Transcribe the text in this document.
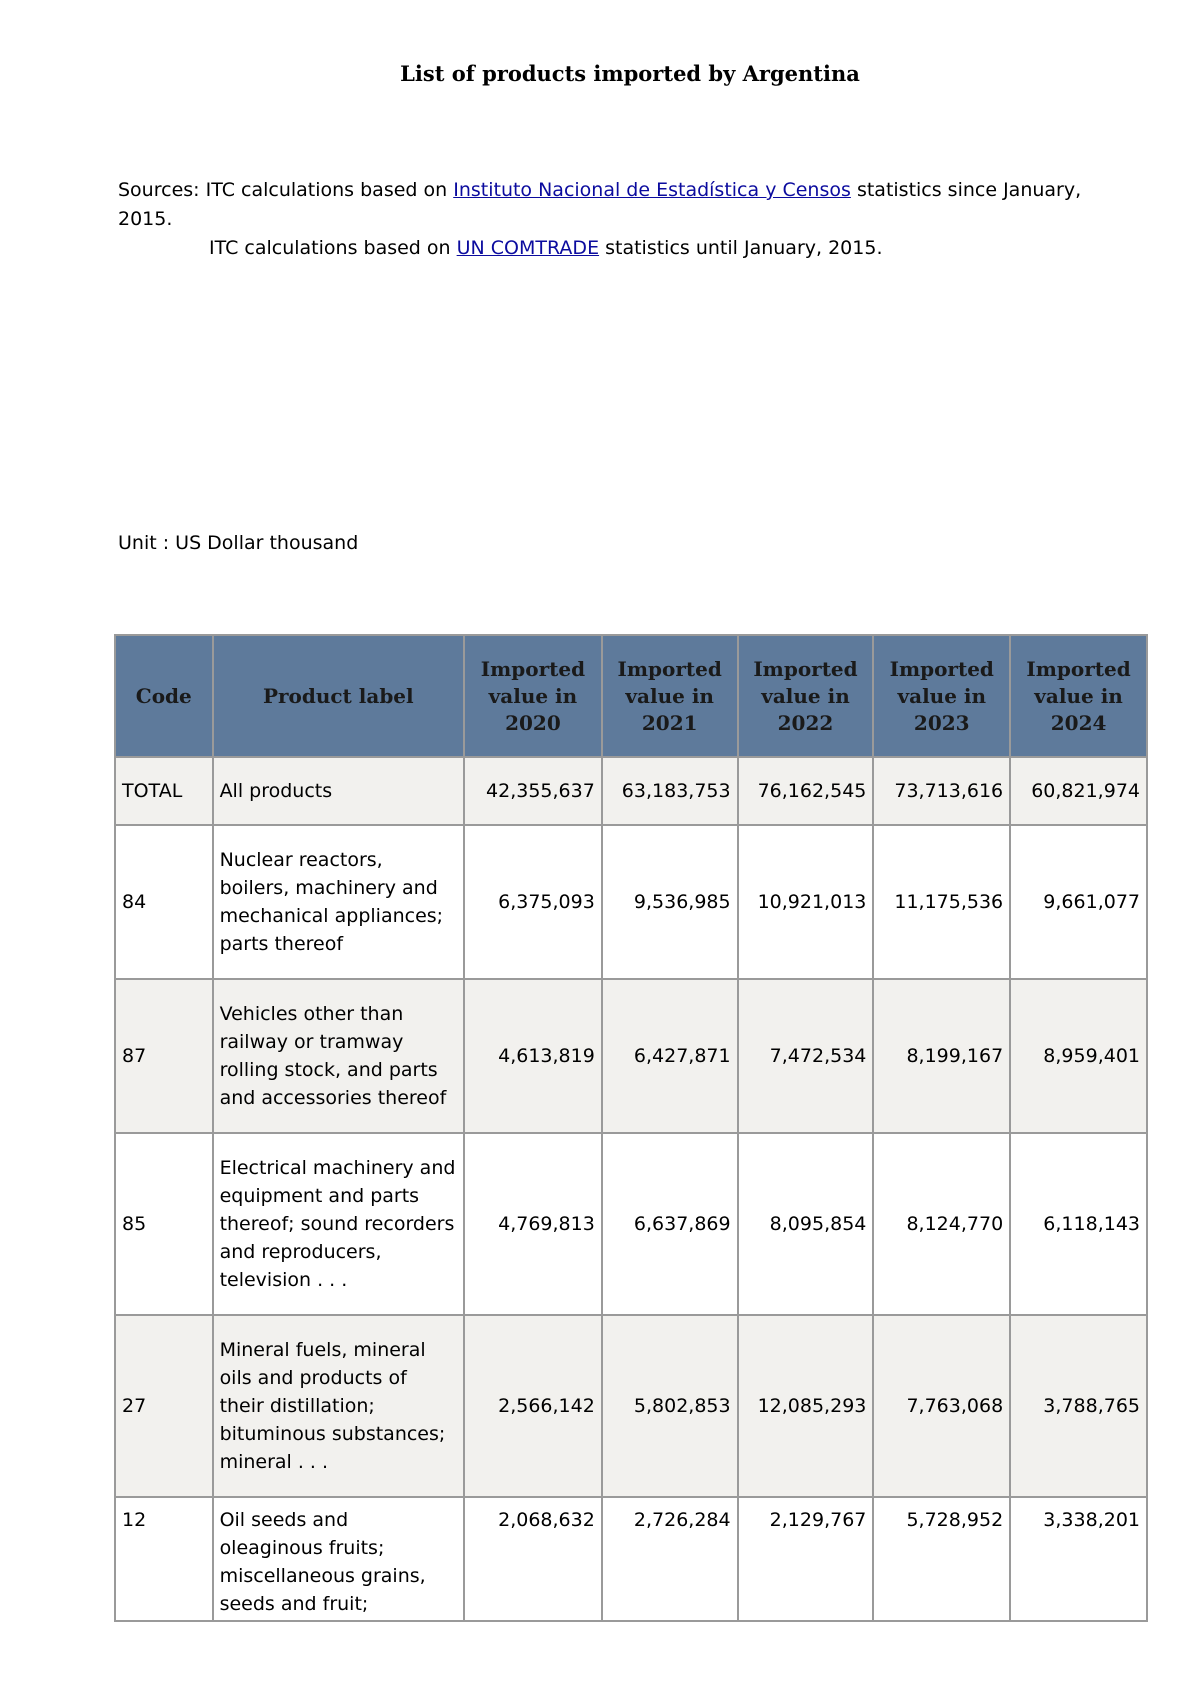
List of products imported by Argentina
Sources: ITC calculations based on Instituto Nacional de Estadística y Censos statistics since January, 2015.
ITC calculations based on UN COMTRADE statistics until January, 2015.
Unit : US Dollar thousand
Code	Product label	Imported value in 2020	Imported value in 2021	Imported value in 2022	Imported value in 2023	Imported value in 2024
TOTAL	All products	42,355,637	63,183,753	76,162,545	73,713,616	60,821,974
84	Nuclear reactors, boilers, machinery and mechanical appliances; parts thereof	6,375,093	9,536,985	10,921,013	11,175,536	9,661,077
87	Vehicles other than railway or tramway rolling stock, and parts and accessories thereof	4,613,819	6,427,871	7,472,534	8,199,167	8,959,401
85	Electrical machinery and equipment and parts thereof; sound recorders and reproducers, television . . .	4,769,813	6,637,869	8,095,854	8,124,770	6,118,143
27	Mineral fuels, mineral oils and products of their distillation; bituminous substances; mineral . . .	2,566,142	5,802,853	12,085,293	7,763,068	3,788,765
12	Oil seeds and oleaginous fruits; miscellaneous grains, seeds and fruit;	2,068,632	2,726,284	2,129,767	5,728,952	3,338,201
